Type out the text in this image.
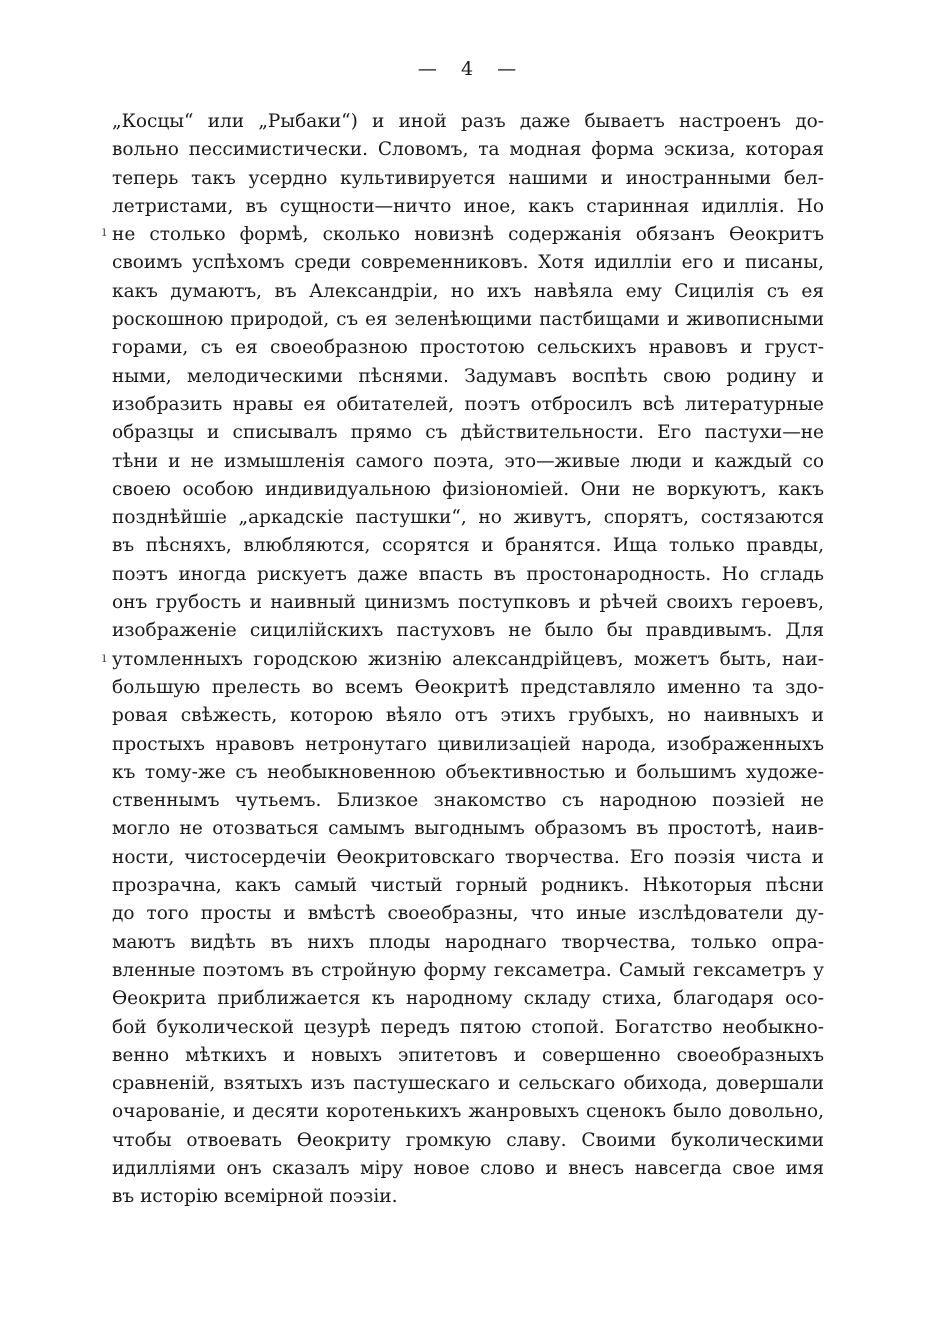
— 4 —
ı
ı
„Косцы“ или „Рыбаки“) и иной разъ даже бываетъ настроенъ до-
вольно пессимистически. Словомъ, та модная форма эскиза, которая
теперь такъ усердно культивируется нашими и иностранными бел-
летристами, въ сущности—ничто иное, какъ старинная идиллія. Но
не столько формѣ, сколько новизнѣ содержанія обязанъ Ѳеокритъ
своимъ успѣхомъ среди современниковъ. Хотя идилліи его и писаны,
какъ думаютъ, въ Александріи, но ихъ навѣяла ему Сицилія съ ея
роскошною природой, съ ея зеленѣющими пастбищами и живописными
горами, съ ея своеобразною простотою сельскихъ нравовъ и груст-
ными, мелодическими пѣснями. Задумавъ воспѣть свою родину и
изобразить нравы ея обитателей, поэтъ отбросилъ всѣ литературные
образцы и списывалъ прямо съ дѣйствительности. Его пастухи—не
тѣни и не измышленія самого поэта, это—живые люди и каждый со
своею особою индивидуальною физіономіей. Они не воркуютъ, какъ
позднѣйшіе „аркадскіе пастушки“, но живутъ, спорятъ, состязаются
въ пѣсняхъ, влюбляются, ссорятся и бранятся. Ища только правды,
поэтъ иногда рискуетъ даже впасть въ простонародность. Но сгладь
онъ грубость и наивный цинизмъ поступковъ и рѣчей своихъ героевъ,
изображеніе сицилійскихъ пастуховъ не было бы правдивымъ. Для
утомленныхъ городскою жизнію александрійцевъ, можетъ быть, наи-
большую прелесть во всемъ Ѳеокритѣ представляло именно та здо-
ровая свѣжесть, которою вѣяло отъ этихъ грубыхъ, но наивныхъ и
простыхъ нравовъ нетронутаго цивилизаціей народа, изображенныхъ
къ тому-же съ необыкновенною объективностью и большимъ художе-
ственнымъ чутьемъ. Близкое знакомство съ народною поэзіей не
могло не отозваться самымъ выгоднымъ образомъ въ простотѣ, наив-
ности, чистосердечіи Ѳеокритовскаго творчества. Его поэзія чиста и
прозрачна, какъ самый чистый горный родникъ. Нѣкоторыя пѣсни
до того просты и вмѣстѣ своеобразны, что иные изслѣдователи ду-
маютъ видѣть въ нихъ плоды народнаго творчества, только опра-
вленные поэтомъ въ стройную форму гексаметра. Самый гексаметръ у
Ѳеокрита приближается къ народному складу стиха, благодаря осо-
бой буколической цезурѣ передъ пятою стопой. Богатство необыкно-
венно мѣткихъ и новыхъ эпитетовъ и совершенно своеобразныхъ
сравненій, взятыхъ изъ пастушескаго и сельскаго обихода, довершали
очарованіе, и десяти коротенькихъ жанровыхъ сценокъ было довольно,
чтобы отвоевать Ѳеокриту громкую славу. Своими буколическими
идилліями онъ сказалъ міру новое слово и внесъ навсегда свое имя
въ исторію всемірной поэзіи.
